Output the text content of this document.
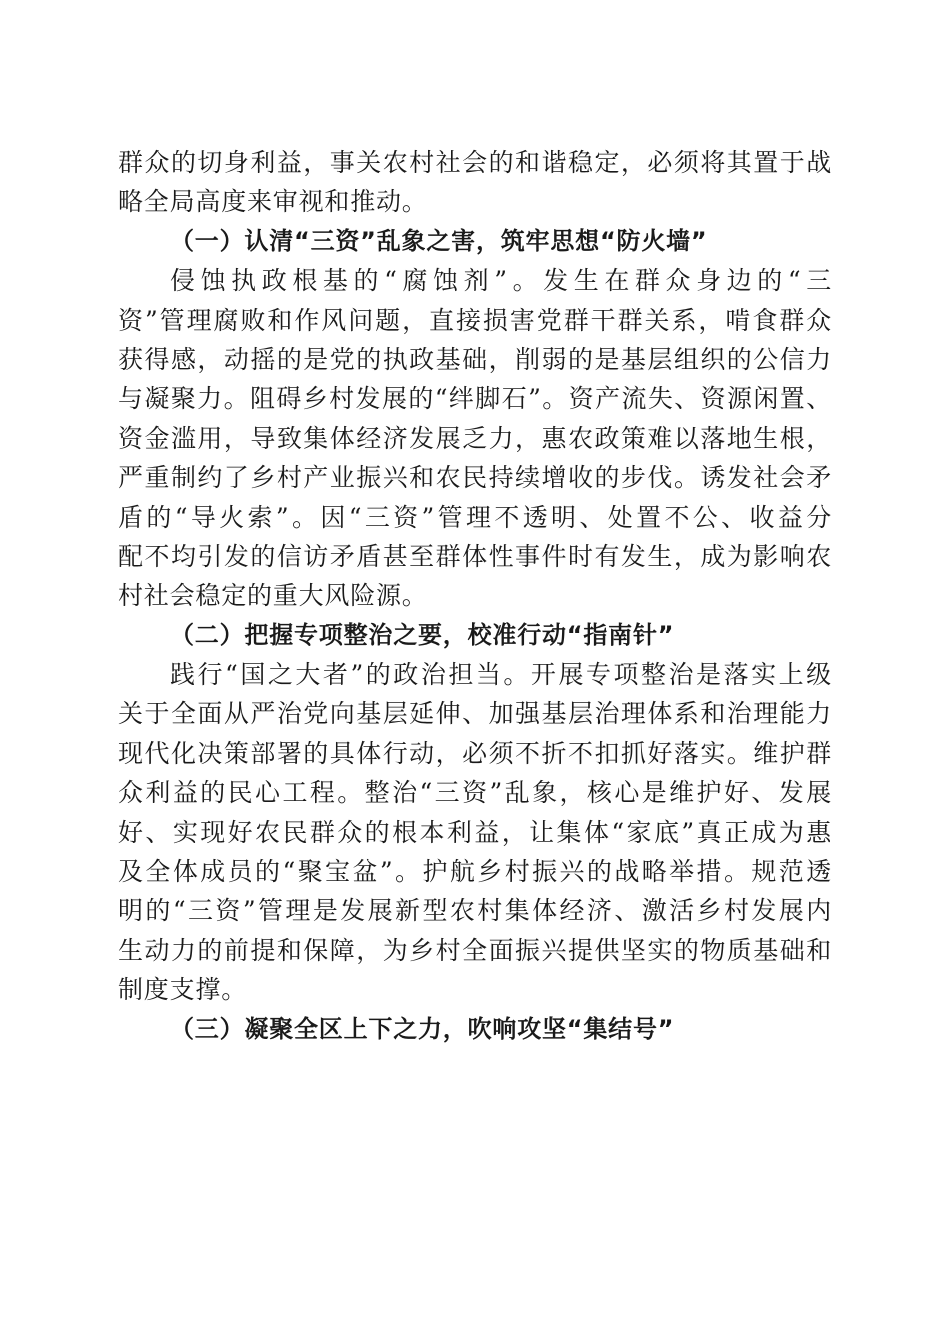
群众的切身利益，事关农村社会的和谐稳定，必须将其置于战
略全局高度来审视和推动。
（一）认清“三资”乱象之害，筑牢思想“防火墙”
侵蚀执政根基的“腐蚀剂”。发生在群众身边的“三
资”管理腐败和作风问题，直接损害党群干群关系，啃食群众
获得感，动摇的是党的执政基础，削弱的是基层组织的公信力
与凝聚力。阻碍乡村发展的“绊脚石”。资产流失、资源闲置、
资金滥用，导致集体经济发展乏力，惠农政策难以落地生根，
严重制约了乡村产业振兴和农民持续增收的步伐。诱发社会矛
盾的“导火索”。因“三资”管理不透明、处置不公、收益分
配不均引发的信访矛盾甚至群体性事件时有发生，成为影响农
村社会稳定的重大风险源。
（二）把握专项整治之要，校准行动“指南针”
践行“国之大者”的政治担当。开展专项整治是落实上级
关于全面从严治党向基层延伸、加强基层治理体系和治理能力
现代化决策部署的具体行动，必须不折不扣抓好落实。维护群
众利益的民心工程。整治“三资”乱象，核心是维护好、发展
好、实现好农民群众的根本利益，让集体“家底”真正成为惠
及全体成员的“聚宝盆”。护航乡村振兴的战略举措。规范透
明的“三资”管理是发展新型农村集体经济、激活乡村发展内
生动力的前提和保障，为乡村全面振兴提供坚实的物质基础和
制度支撑。
（三）凝聚全区上下之力，吹响攻坚“集结号”
